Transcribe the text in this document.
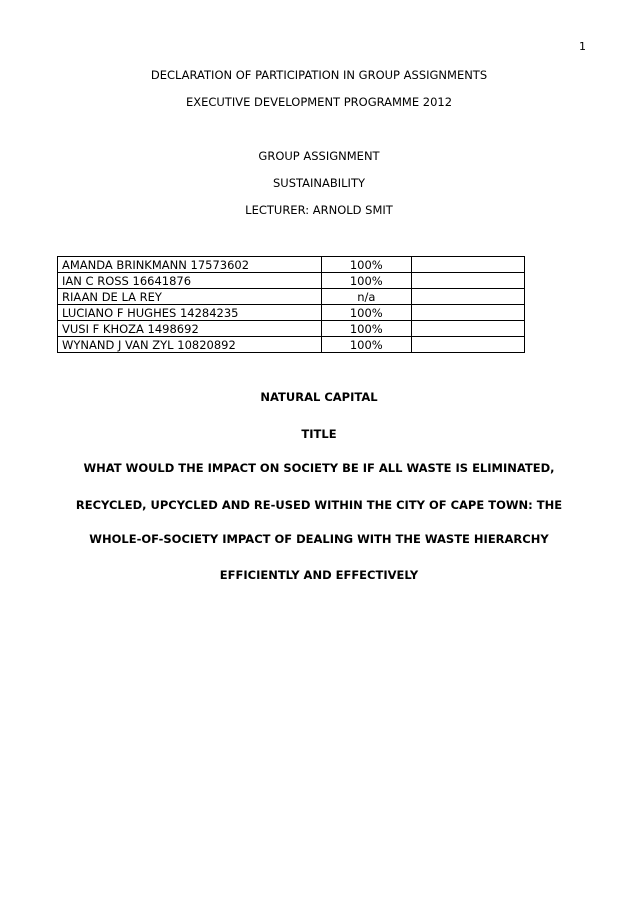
1
DECLARATION OF PARTICIPATION IN GROUP ASSIGNMENTS
EXECUTIVE DEVELOPMENT PROGRAMME 2012
GROUP ASSIGNMENT
SUSTAINABILITY
LECTURER: ARNOLD SMIT
AMANDA BRINKMANN 17573602	100%	
IAN C ROSS 16641876	100%	
RIAAN DE LA REY	n/a	
LUCIANO F HUGHES 14284235	100%	
VUSI F KHOZA 1498692	100%	
WYNAND J VAN ZYL 10820892	100%	
NATURAL CAPITAL
TITLE
WHAT WOULD THE IMPACT ON SOCIETY BE IF ALL WASTE IS ELIMINATED,
RECYCLED, UPCYCLED AND RE-USED WITHIN THE CITY OF CAPE TOWN: THE
WHOLE-OF-SOCIETY IMPACT OF DEALING WITH THE WASTE HIERARCHY
EFFICIENTLY AND EFFECTIVELY
